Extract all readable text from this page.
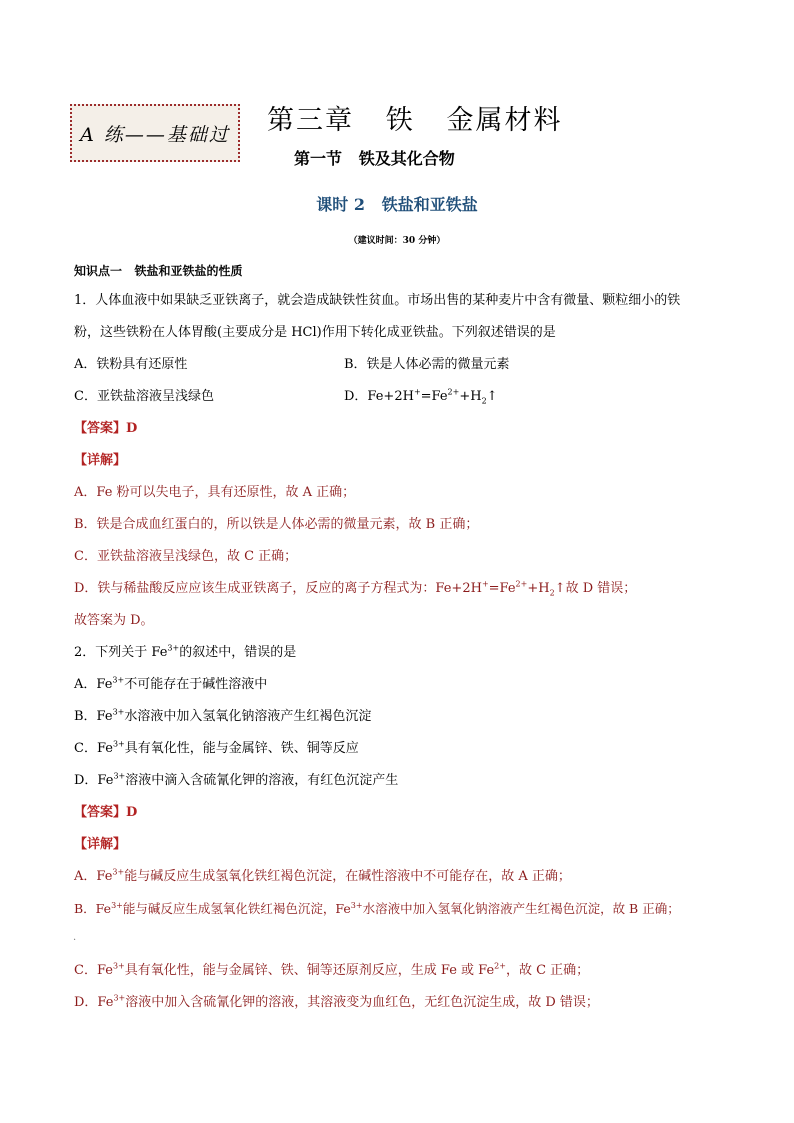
A 练——基础过	第三章   铁   金属材料
第一节   铁及其化合物
课时 2   铁盐和亚铁盐
（建议时间：30 分钟）
知识点一   铁盐和亚铁盐的性质
1．人体血液中如果缺乏亚铁离子，就会造成缺铁性贫血。市场出售的某种麦片中含有微量、颗粒细小的铁
粉，这些铁粉在人体胃酸(主要成分是 HCl)作用下转化成亚铁盐。下列叙述错误的是
A．铁粉具有还原性	B．铁是人体必需的微量元素
C．亚铁盐溶液呈浅绿色	D．$Fe+2H^+=Fe^{2+}+H_2↑$
【答案】D
【详解】
A．Fe 粉可以失电子，具有还原性，故 A 正确；
B．铁是合成血红蛋白的，所以铁是人体必需的微量元素，故 B 正确；
C．亚铁盐溶液呈浅绿色，故 C 正确；
D．铁与稀盐酸反应应该生成亚铁离子，反应的离子方程式为：$Fe+2H^+=Fe^{2+}+H_2↑$故 D 错误；
故答案为 D。
2．下列关于 $Fe^{3+}$的叙述中，错误的是
A．$Fe^{3+}$不可能存在于碱性溶液中
B．$Fe^{3+}$水溶液中加入氢氧化钠溶液产生红褐色沉淀
C．$Fe^{3+}$具有氧化性，能与金属锌、铁、铜等反应
D．$Fe^{3+}$溶液中滴入含硫氰化钾的溶液，有红色沉淀产生
【答案】D
【详解】
A．$Fe^{3+}$能与碱反应生成氢氧化铁红褐色沉淀，在碱性溶液中不可能存在，故 A 正确；
B．$Fe^{3+}$能与碱反应生成氢氧化铁红褐色沉淀，$Fe^{3+}$水溶液中加入氢氧化钠溶液产生红褐色沉淀，故 B 正确；
.
C．$Fe^{3+}$具有氧化性，能与金属锌、铁、铜等还原剂反应，生成 Fe 或 $Fe^{2+}$，故 C 正确；
D．$Fe^{3+}$溶液中加入含硫氰化钾的溶液，其溶液变为血红色，无红色沉淀生成，故 D 错误；
